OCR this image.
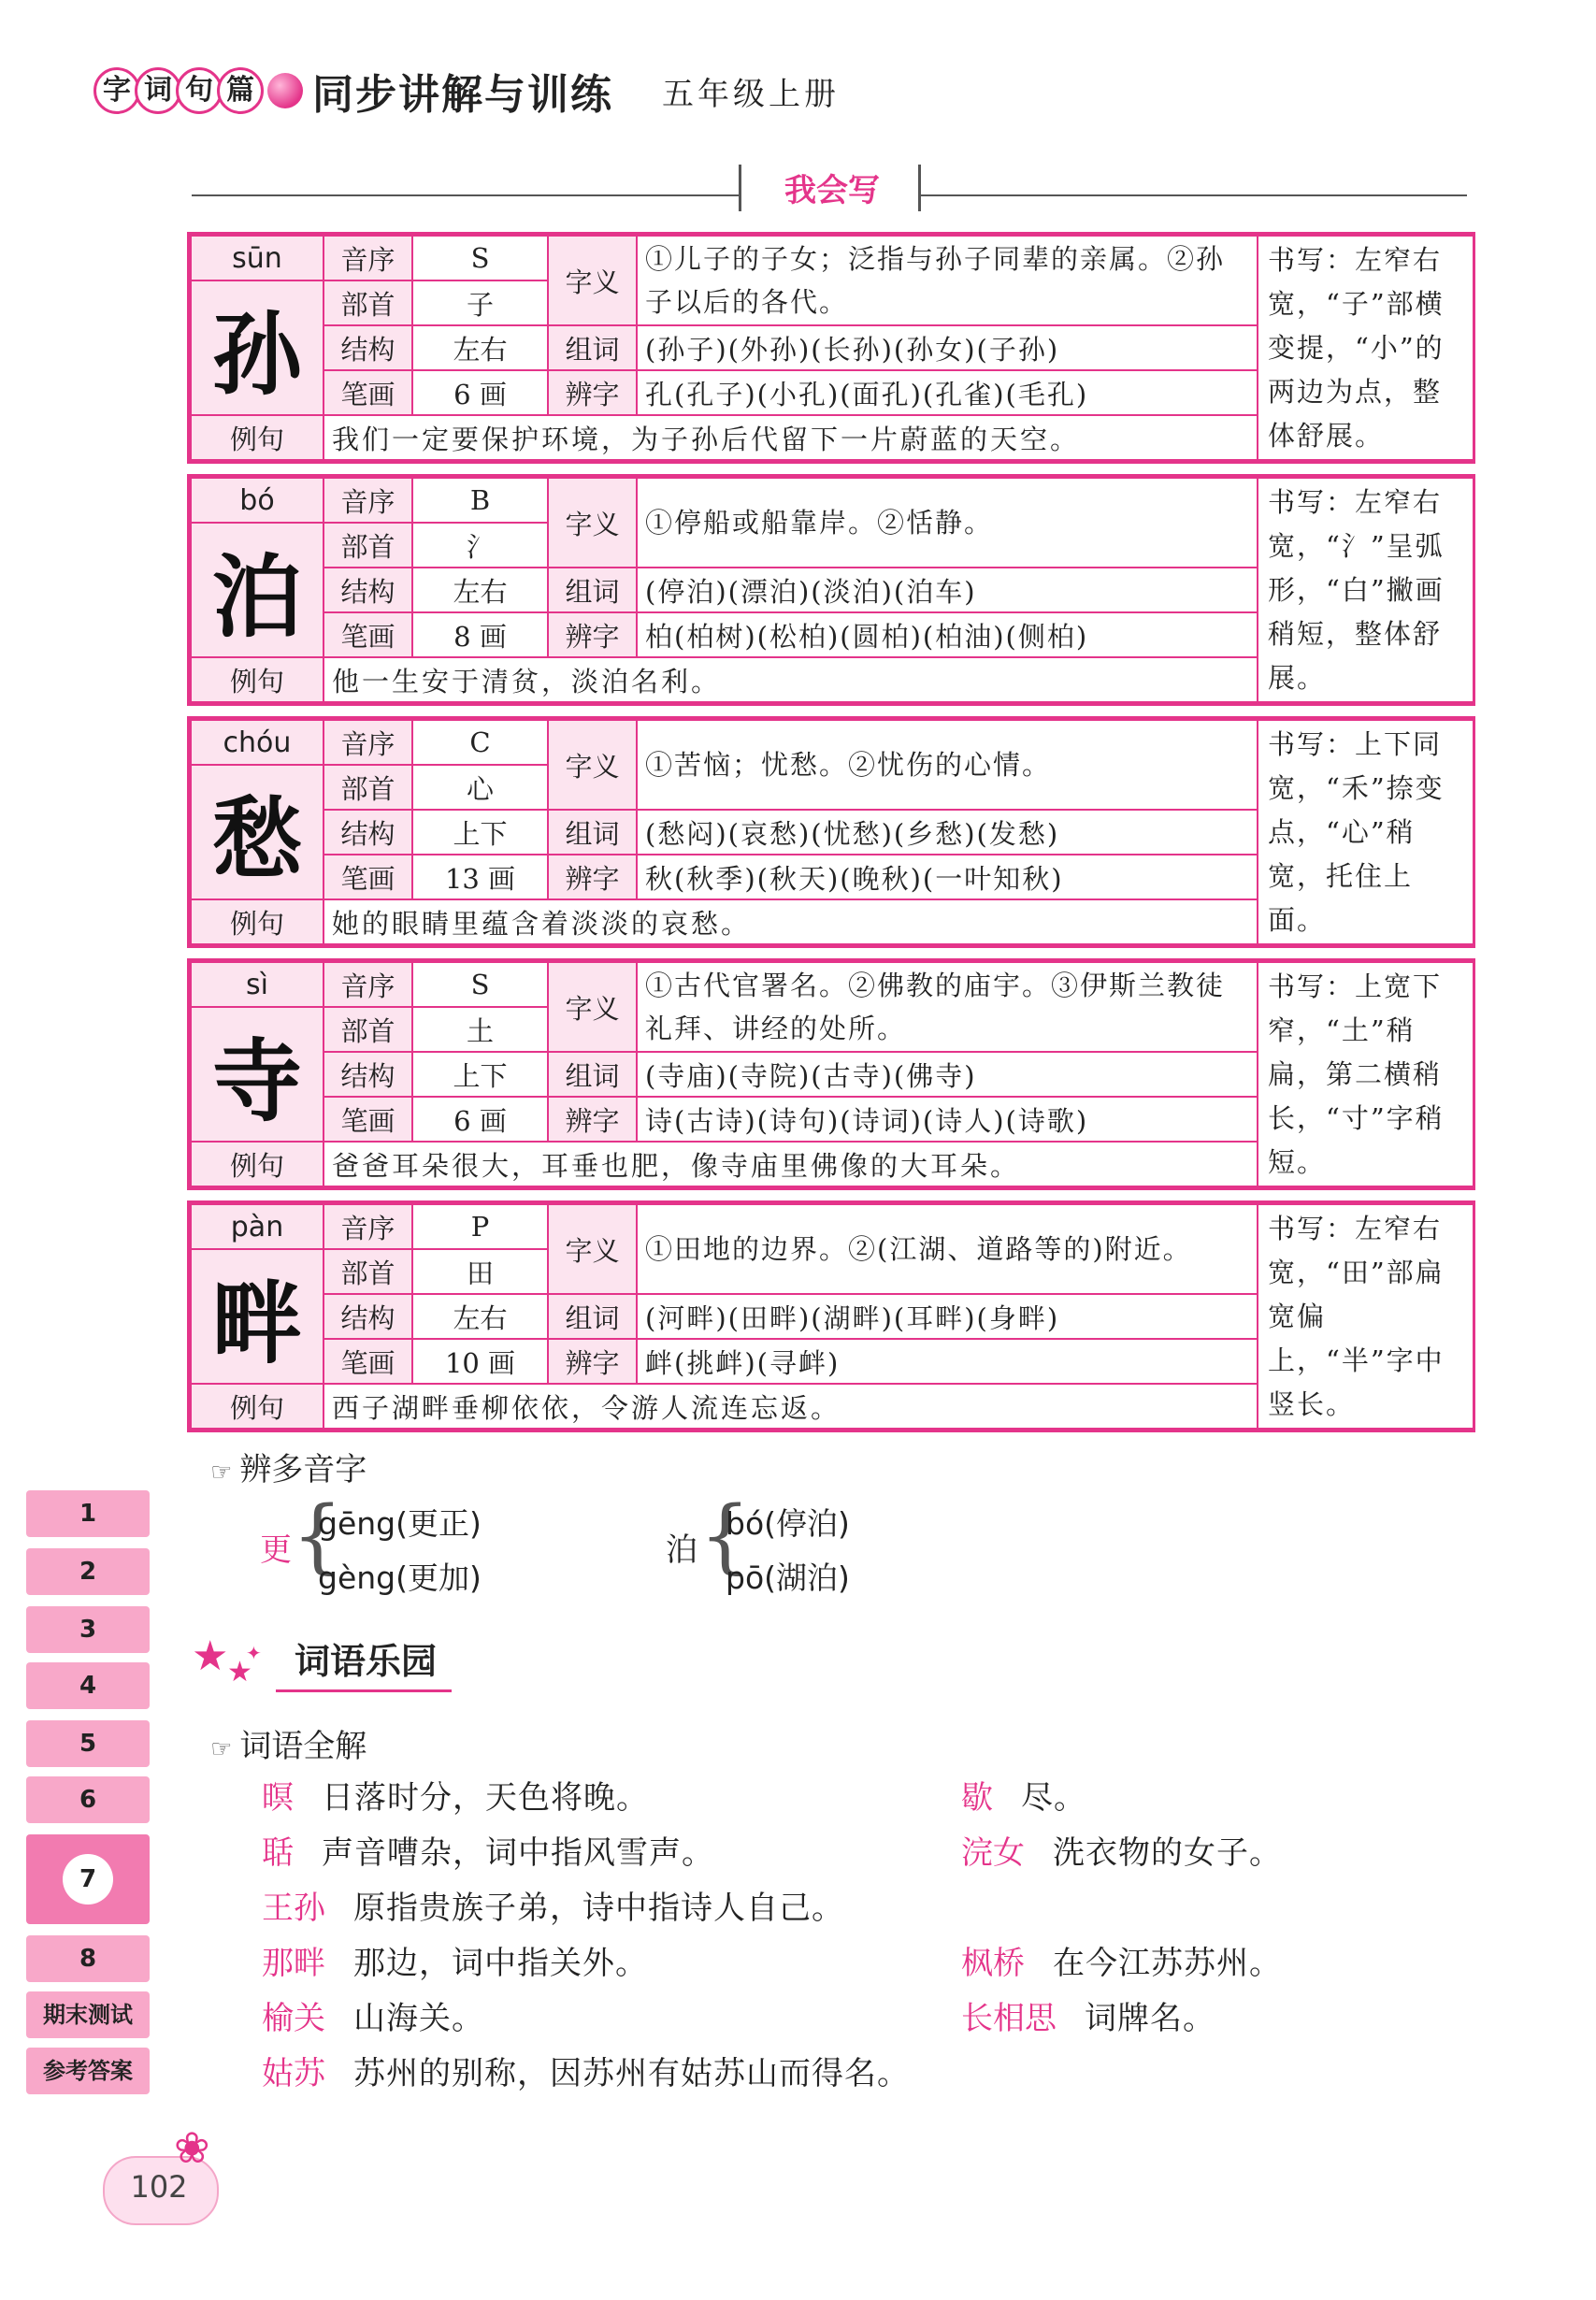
字 词 句 篇 同步讲解与训练 五年级上册
我会写
sūn	音序	S	字义	①儿子的子女；泛指与孙子同辈的亲属。②孙子以后的各代。	书写：左窄右宽，“子”部横变提，“小”的两边为点，整体舒展。
孙	部首	子			
	结构	左右	组词	(孙子)(外孙)(长孙)(孙女)(子孙)	
	笔画	6 画	辨字	孔(孔子)(小孔)(面孔)(孔雀)(毛孔)	
例句	我们一定要保护环境，为子孙后代留下一片蔚蓝的天空。				
bó	音序	B	字义	①停船或船靠岸。②恬静。	书写：左窄右宽，“氵”呈弧形，“白”撇画稍短，整体舒展。
泊	部首	氵			
	结构	左右	组词	(停泊)(漂泊)(淡泊)(泊车)	
	笔画	8 画	辨字	柏(柏树)(松柏)(圆柏)(柏油)(侧柏)	
例句	他一生安于清贫，淡泊名利。				
chóu	音序	C	字义	①苦恼；忧愁。②忧伤的心情。	书写：上下同宽，“禾”捺变点，“心”稍宽，托住上面。
愁	部首	心			
	结构	上下	组词	(愁闷)(哀愁)(忧愁)(乡愁)(发愁)	
	笔画	13 画	辨字	秋(秋季)(秋天)(晚秋)(一叶知秋)	
例句	她的眼睛里蕴含着淡淡的哀愁。				
sì	音序	S	字义	①古代官署名。②佛教的庙宇。③伊斯兰教徒礼拜、讲经的处所。	书写：上宽下窄，“土”稍扁，第二横稍长，“寸”字稍短。
寺	部首	土			
	结构	上下	组词	(寺庙)(寺院)(古寺)(佛寺)	
	笔画	6 画	辨字	诗(古诗)(诗句)(诗词)(诗人)(诗歌)	
例句	爸爸耳朵很大，耳垂也肥，像寺庙里佛像的大耳朵。				
pàn	音序	P	字义	①田地的边界。②(江湖、道路等的)附近。	书写：左窄右宽，“田”部扁宽偏上，“半”字中竖长。
畔	部首	田			
	结构	左右	组词	(河畔)(田畔)(湖畔)(耳畔)(身畔)	
	笔画	10 画	辨字	衅(挑衅)(寻衅)	
例句	西子湖畔垂柳依依，令游人流连忘返。				
☞ 辨多音字
更 {
gēng(更正)
gèng(更加)
泊 {
bó(停泊)
pō(湖泊)
★
★
✦ 词语乐园
☞ 词语全解
暝 日落时分，天色将晚。
聒 声音嘈杂，词中指风雪声。
王孙 原指贵族子弟，诗中指诗人自己。
那畔 那边，词中指关外。
榆关 山海关。
姑苏 苏州的别称，因苏州有姑苏山而得名。
歇 尽。
浣女 洗衣物的女子。
枫桥 在今江苏苏州。
长相思 词牌名。
1
2
3
4
5
6
7
8
期末测试
参考答案
102
❀
